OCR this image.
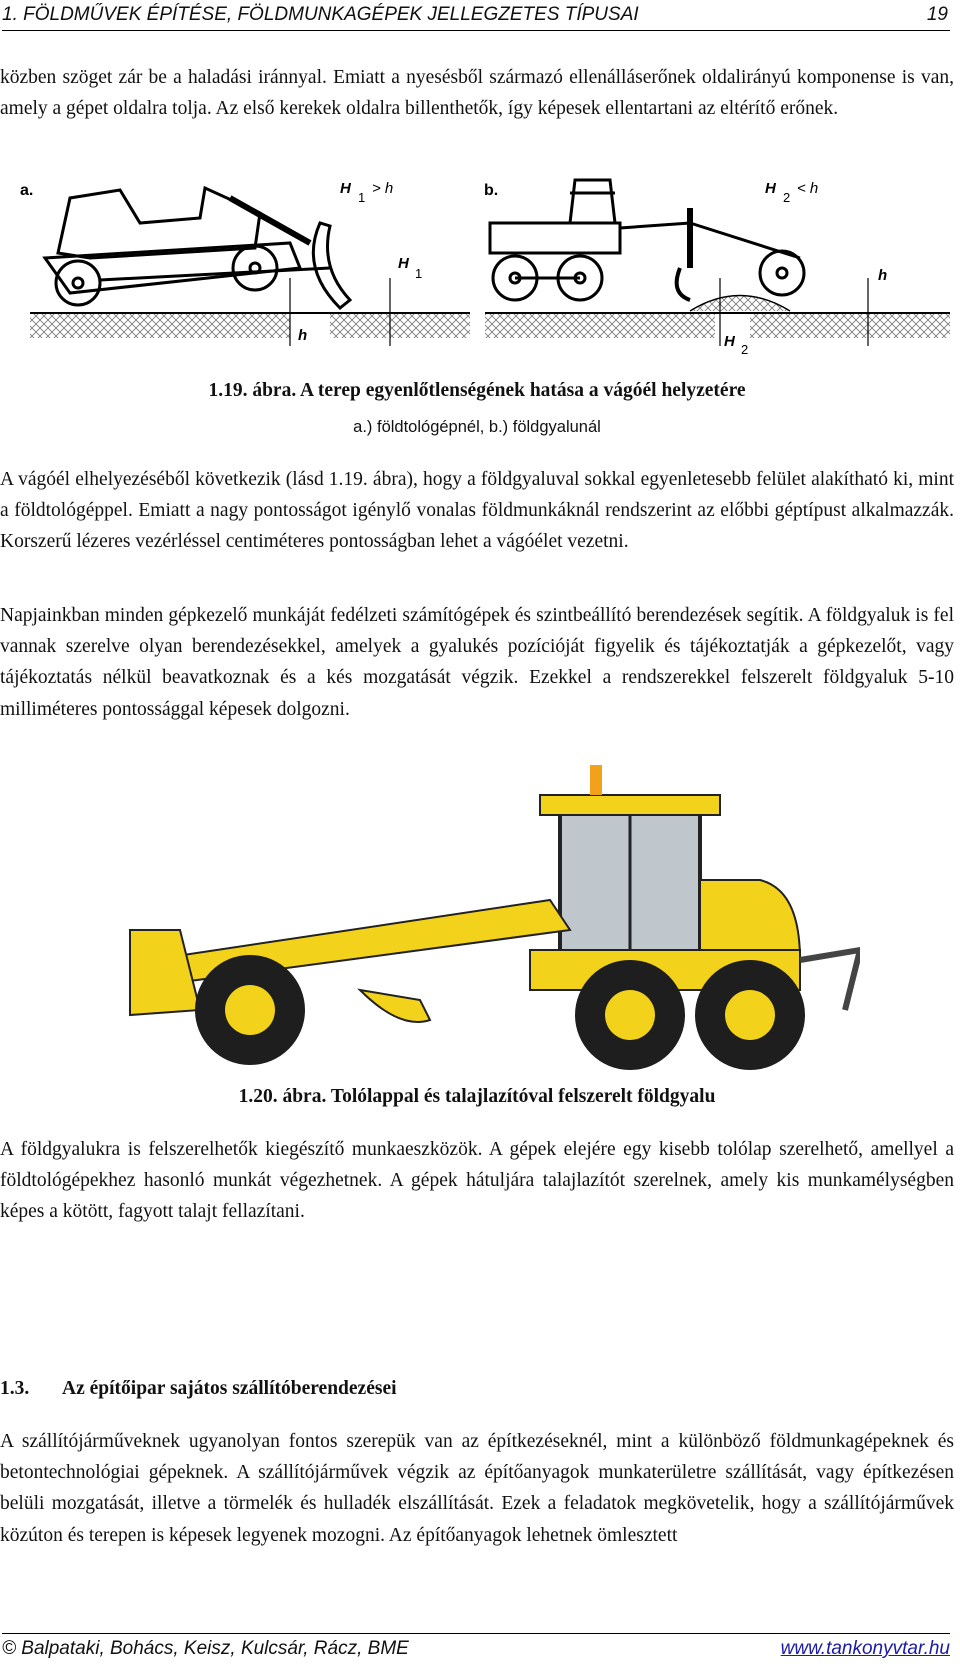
1. FÖLDMŰVEK ÉPÍTÉSE, FÖLDMUNKAGÉPEK JELLEGZETES TÍPUSAI	19

közben szöget zár be a haladási iránnyal. Emiatt a nyesésből származó ellenálláserőnek oldalirányú komponense is van, amely a gépet oldalra tolja. Az első kerekek oldalra billenthetők, így képesek ellentartani az eltérítő erőnek.

a.	H
1
> h
H
1
h
b.	H
2
< h
h
H 2
1.19. ábra. A terep egyenlőtlenségének hatása a vágóél helyzetére
a.) földtológépnél, b.) földgyalunál

A vágóél elhelyezéséből következik (lásd 1.19. ábra), hogy a földgyaluval sokkal egyenletesebb felület alakítható ki, mint a földtológéppel. Emiatt a nagy pontosságot igénylő vonalas földmunkáknál rendszerint az előbbi géptípust alkalmazzák. Korszerű lézeres vezérléssel centiméteres pontosságban lehet a vágóélet vezetni.

Napjainkban minden gépkezelő munkáját fedélzeti számítógépek és szintbeállító berendezések segítik. A földgyaluk is fel vannak szerelve olyan berendezésekkel, amelyek a gyalukés pozícióját figyelik és tájékoztatják a gépkezelőt, vagy tájékoztatás nélkül beavatkoznak és a kés mozgatását végzik. Ezekkel a rendszerekkel felszerelt földgyaluk 5-10 milliméteres pontossággal képesek dolgozni.

1.20. ábra. Tolólappal és talajlazítóval felszerelt földgyalu

A földgyalukra is felszerelhetők kiegészítő munkaeszközök. A gépek elejére egy kisebb tolólap szerelhető, amellyel a földtológépekhez hasonló munkát végezhetnek. A gépek hátuljára talajlazítót szerelnek, amely kis munkamélységben képes a kötött, fagyott talajt fellazítani.

1.3. Az építőipar sajátos szállítóberendezései

A szállítójárműveknek ugyanolyan fontos szerepük van az építkezéseknél, mint a különböző földmunkagépeknek és betontechnológiai gépeknek. A szállítójárművek végzik az építőanyagok munkaterületre szállítását, vagy építkezésen belüli mozgatását, illetve a törmelék és hulladék elszállítását. Ezek a feladatok megkövetelik, hogy a szállítójárművek közúton és terepen is képesek legyenek mozogni. Az építőanyagok lehetnek ömlesztett

© Balpataki, Bohács, Keisz, Kulcsár, Rácz, BME	www.tankonyvtar.hu
